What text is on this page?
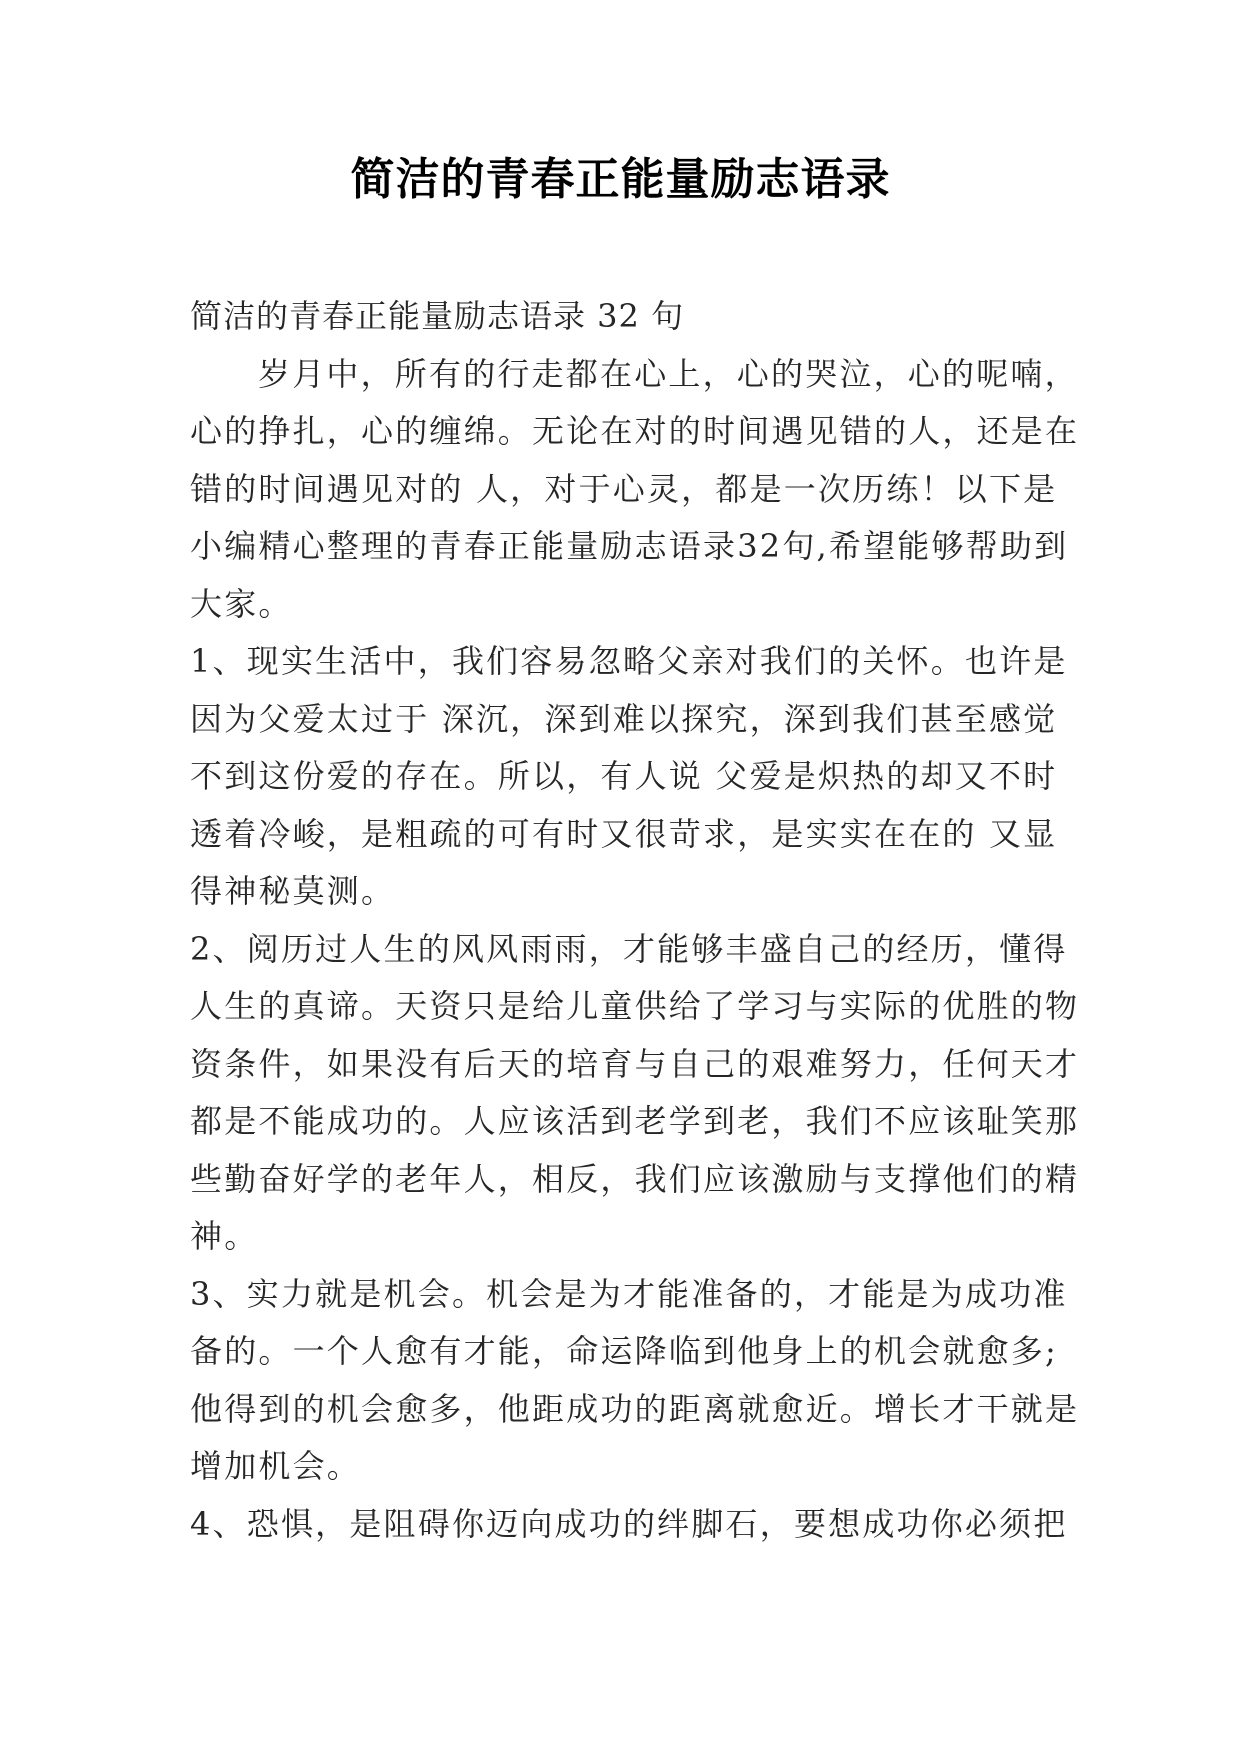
简洁的青春正能量励志语录
简洁的青春正能量励志语录 32 句
岁月中，所有的行走都在心上，心的哭泣，心的呢喃，
心的挣扎，心的缠绵。无论在对的时间遇见错的人，还是在
错的时间遇见对的 人，对于心灵，都是一次历练！以下是
小编精心整理的青春正能量励志语录32句,希望能够帮助到
大家。
1、现实生活中，我们容易忽略父亲对我们的关怀。也许是
因为父爱太过于 深沉，深到难以探究，深到我们甚至感觉
不到这份爱的存在。所以，有人说 父爱是炽热的却又不时
透着冷峻，是粗疏的可有时又很苛求，是实实在在的 又显
得神秘莫测。
2、阅历过人生的风风雨雨，才能够丰盛自己的经历，懂得
人生的真谛。天资只是给儿童供给了学习与实际的优胜的物
资条件，如果没有后天的培育与自己的艰难努力，任何天才
都是不能成功的。人应该活到老学到老，我们不应该耻笑那
些勤奋好学的老年人，相反，我们应该激励与支撑他们的精
神。
3、实力就是机会。机会是为才能准备的，才能是为成功准
备的。一个人愈有才能，命运降临到他身上的机会就愈多;
他得到的机会愈多，他距成功的距离就愈近。增长才干就是
增加机会。
4、恐惧，是阻碍你迈向成功的绊脚石，要想成功你必须把
